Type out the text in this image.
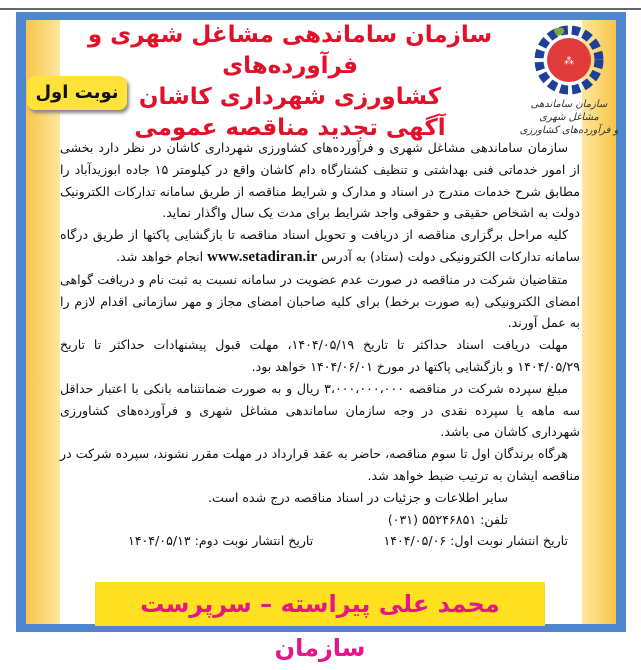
سازمان ساماندهی مشاغل شهری و فرآورده‌های
کشاورزی شهرداری کاشان
آگهی تجدید مناقصه عمومی
⁂
سازمان ساماندهی مشاغل شهری
و فرآورده‌های کشاورزی
نوبت اول

سازمان ساماندهی مشاغل شهری و فرآورده‌های کشاورزی شهرداری کاشان در نظر دارد بخشی از امور خدماتی فنی بهداشتی و تنظیف کشتارگاه دام کاشان واقع در کیلومتر ۱۵ جاده ابوزیدآباد را مطابق شرح خدمات مندرج در اسناد و مدارک و شرایط مناقصه از طریق سامانه تدارکات الکترونیک دولت به اشخاص حقیقی و حقوقی واجد شرایط برای مدت یک سال واگذار نماید.

کلیه مراحل برگزاری مناقصه از دریافت و تحویل اسناد مناقصه تا بازگشایی پاکتها از طریق درگاه سامانه تدارکات الکترونیکی دولت (ستاد) به آدرس www.setadiran.ir انجام خواهد شد.

متقاضیان شرکت در مناقصه در صورت عدم عضویت در سامانه نسبت به ثبت نام و دریافت گواهی امضای الکترونیکی (به صورت برخط) برای کلیه صاحبان امضای مجاز و مهر سازمانی اقدام لازم را به عمل آورند.

مهلت دریافت اسناد حداکثر تا تاریخ ۱۴۰۴/۰۵/۱۹، مهلت قبول پیشنهادات حداکثر تا تاریخ ۱۴۰۴/۰۵/۲۹ و بازگشایی پاکتها در مورخ ۱۴۰۴/۰۶/۰۱ خواهد بود.

مبلغ سپرده شرکت در مناقصه ۳،۰۰۰،۰۰۰،۰۰۰ ریال و به صورت ضمانتنامه بانکی با اعتبار حداقل سه ماهه یا سپرده نقدی در وجه سازمان ساماندهی مشاغل شهری و فرآورده‌های کشاورزی شهرداری کاشان می باشد.

هرگاه برندگان اول تا سوم مناقصه، حاضر به عقد قرارداد در مهلت مقرر نشوند، سپرده شرکت در مناقصه ایشان به ترتیب ضبط خواهد شد.

سایر اطلاعات و جزئیات در اسناد مناقصه درج شده است.

تلفن: ۵۵۲۴۶۸۵۱ (۰۳۱)

تاریخ انتشار نوبت اول: ۱۴۰۴/۰۵/۰۶
تاریخ انتشار نوبت دوم: ۱۴۰۴/۰۵/۱۳
محمد علی پیراسته – سرپرست سازمان
